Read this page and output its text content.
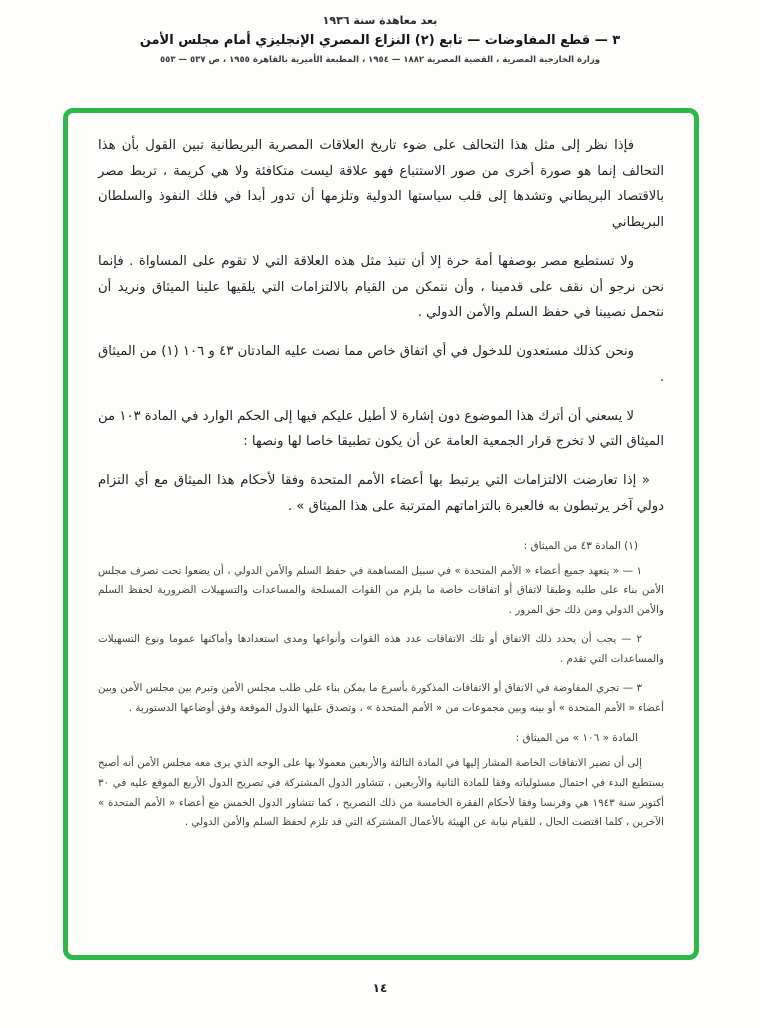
بعد معاهدة سنة ١٩٣٦
٣ — قطع المفاوضات — تابع (٢) النزاع المصري الإنجليزي أمام مجلس الأمن
وزارة الخارجية المصرية ، القضية المصرية ١٨٨٢ — ١٩٥٤ ، المطبعة الأميرية بالقاهرة ١٩٥٥ ، ص ٥٣٧ — ٥٥٣

فإذا نظر إلى مثل هذا التحالف على ضوء تاريخ العلاقات المصرية البريطانية تبين القول بأن هذا التحالف إنما هو صورة أخرى من صور الاستتباع فهو علاقة ليست متكافئة ولا هي كريمة ، تربط مصر بالاقتصاد البريطاني وتشدها إلى قلب سياستها الدولية وتلزمها أن تدور أبدا في فلك النفوذ والسلطان البريطاني

ولا تستطيع مصر بوصفها أمة حرة إلا أن تنبذ مثل هذه العلاقة التي لا تقوم على المساواة . فإنما نحن نرجو أن نقف على قدمينا ، وأن نتمكن من القيام بالالتزامات التي يلقيها علينا الميثاق ونريد أن نتحمل نصيبنا في حفظ السلم والأمن الدولي .

ونحن كذلك مستعدون للدخول في أي اتفاق خاص مما نصت عليه المادتان ٤٣ و ١٠٦ (١) من الميثاق .

لا يسعني أن أترك هذا الموضوع دون إشارة لا أطيل عليكم فيها إلى الحكم الوارد في المادة ١٠٣ من الميثاق التي لا تخرج قرار الجمعية العامة عن أن يكون تطبيقا خاصا لها ونصها :

« إذا تعارضت الالتزامات التي يرتبط بها أعضاء الأمم المتحدة وفقا لأحكام هذا الميثاق مع أي التزام دولي آخر يرتبطون به فالعبرة بالتزاماتهم المترتبة على هذا الميثاق » .

(١) المادة ٤٣ من الميثاق :

١ — « يتعهد جميع أعضاء « الأمم المتحدة » في سبيل المساهمة في حفظ السلم والأمن الدولي ، أن يضعوا تحت تصرف مجلس الأمن بناء على طلبه وطبقا لاتفاق أو اتفاقات خاصة ما يلزم من القوات المسلحة والمساعدات والتسهيلات الضرورية لحفظ السلم والأمن الدولي ومن ذلك حق المرور .

٢ — يجب أن يحدد ذلك الاتفاق أو تلك الاتفاقات عدد هذه القوات وأنواعها ومدى استعدادها وأماكنها عموما ونوع التسهيلات والمساعدات التي تقدم .

٣ — تجري المفاوضة في الاتفاق أو الاتفاقات المذكورة بأسرع ما يمكن بناء على طلب مجلس الأمن وتبرم بين مجلس الأمن وبين أعضاء « الأمم المتحدة » أو بينه وبين مجموعات من « الأمم المتحدة » ، وتصدق عليها الدول الموقعة وفق أوضاعها الدستورية .

المادة « ١٠٦ » من الميثاق :

إلى أن تصير الاتفاقات الخاصة المشار إليها في المادة الثالثة والأربعين معمولا بها على الوجه الذي يرى معه مجلس الأمن أنه أصبح يستطيع البدء في احتمال مسئولياته وفقا للمادة الثانية والأربعين ، تتشاور الدول المشتركة في تصريح الدول الأربع الموقع عليه في ٣٠ أكتوبر سنة ١٩٤٣ هي وفرنسا وفقا لأحكام الفقرة الخامسة من ذلك التصريح ، كما تتشاور الدول الخمس مع أعضاء « الأمم المتحدة » الآخرين ، كلما اقتضت الحال ، للقيام نيابة عن الهيئة بالأعمال المشتركة التي قد تلزم لحفظ السلم والأمن الدولي .

١٤
